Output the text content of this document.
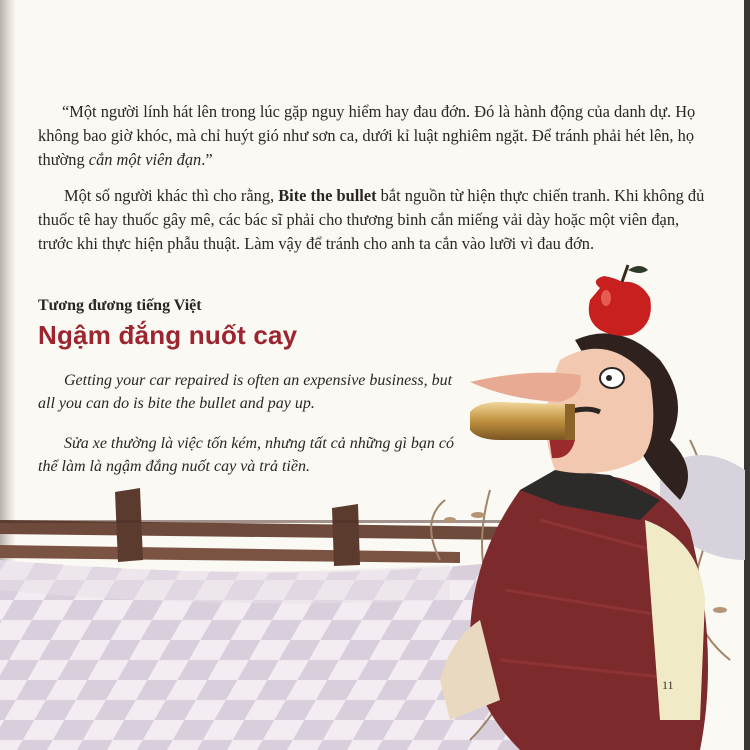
“Một người lính hát lên trong lúc gặp nguy hiểm hay đau đớn. Đó là hành động của danh dự. Họ không bao giờ khóc, mà chỉ huýt gió như sơn ca, dưới kỉ luật nghiêm ngặt. Để tránh phải hét lên, họ thường cắn một viên đạn.”

Một số người khác thì cho rằng, Bite the bullet bắt nguồn từ hiện thực chiến tranh. Khi không đủ thuốc tê hay thuốc gây mê, các bác sĩ phải cho thương binh cắn miếng vải dày hoặc một viên đạn, trước khi thực hiện phẫu thuật. Làm vậy để tránh cho anh ta cắn vào lưỡi vì đau đớn.

Tương đương tiếng Việt

Ngậm đắng nuốt cay

Getting your car repaired is often an expensive business, but all you can do is bite the bullet and pay up.

Sửa xe thường là việc tốn kém, nhưng tất cả những gì bạn có thể làm là ngậm đắng nuốt cay và trả tiền.

11
